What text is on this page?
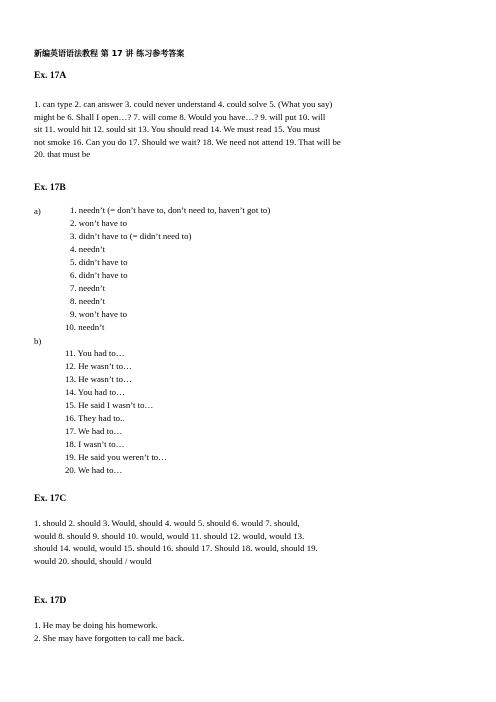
新编英语语法教程 第 17 讲 练习参考答案
Ex. 17A
1. can type 2. can answer 3. could never understand 4. could solve 5. (What you say)
might be 6. Shall I open…? 7. will come 8. Would you have…? 9. will put 10. will
sit 11. would hit 12. sould sit 13. You should read 14. We must read 15. You must
not smoke 16. Can you do 17. Should we wait? 18. We need not attend 19. That will be
20. that must be
Ex. 17B
a)	1. needn’t (= don’t have to, don’t need to, haven’t got to)
2. won’t have to
3. didn’t have to (= didn’t need to)
4. needn’t
5. didn’t have to
6. didn’t have to
7. needn’t
8. needn’t
9. won’t have to
10. needn’t
b)
11. You had to…
12. He wasn’t to…
13. He wasn’t to…
14. You had to…
15. He said I wasn’t to…
16. They had to..
17. We had to…
18. I wasn’t to…
19. He said you weren’t to…
20. We had to…
Ex. 17C
1. should 2. should 3. Would, should 4. would 5. should 6. would 7. should,
would 8. should 9. should 10. would, would 11. should 12. would, would 13.
should 14. would, would 15. should 16. should 17. Should 18. would, should 19.
would 20. should, should / would
Ex. 17D
1. He may be doing his homework.
2. She may have forgotten to call me back.
